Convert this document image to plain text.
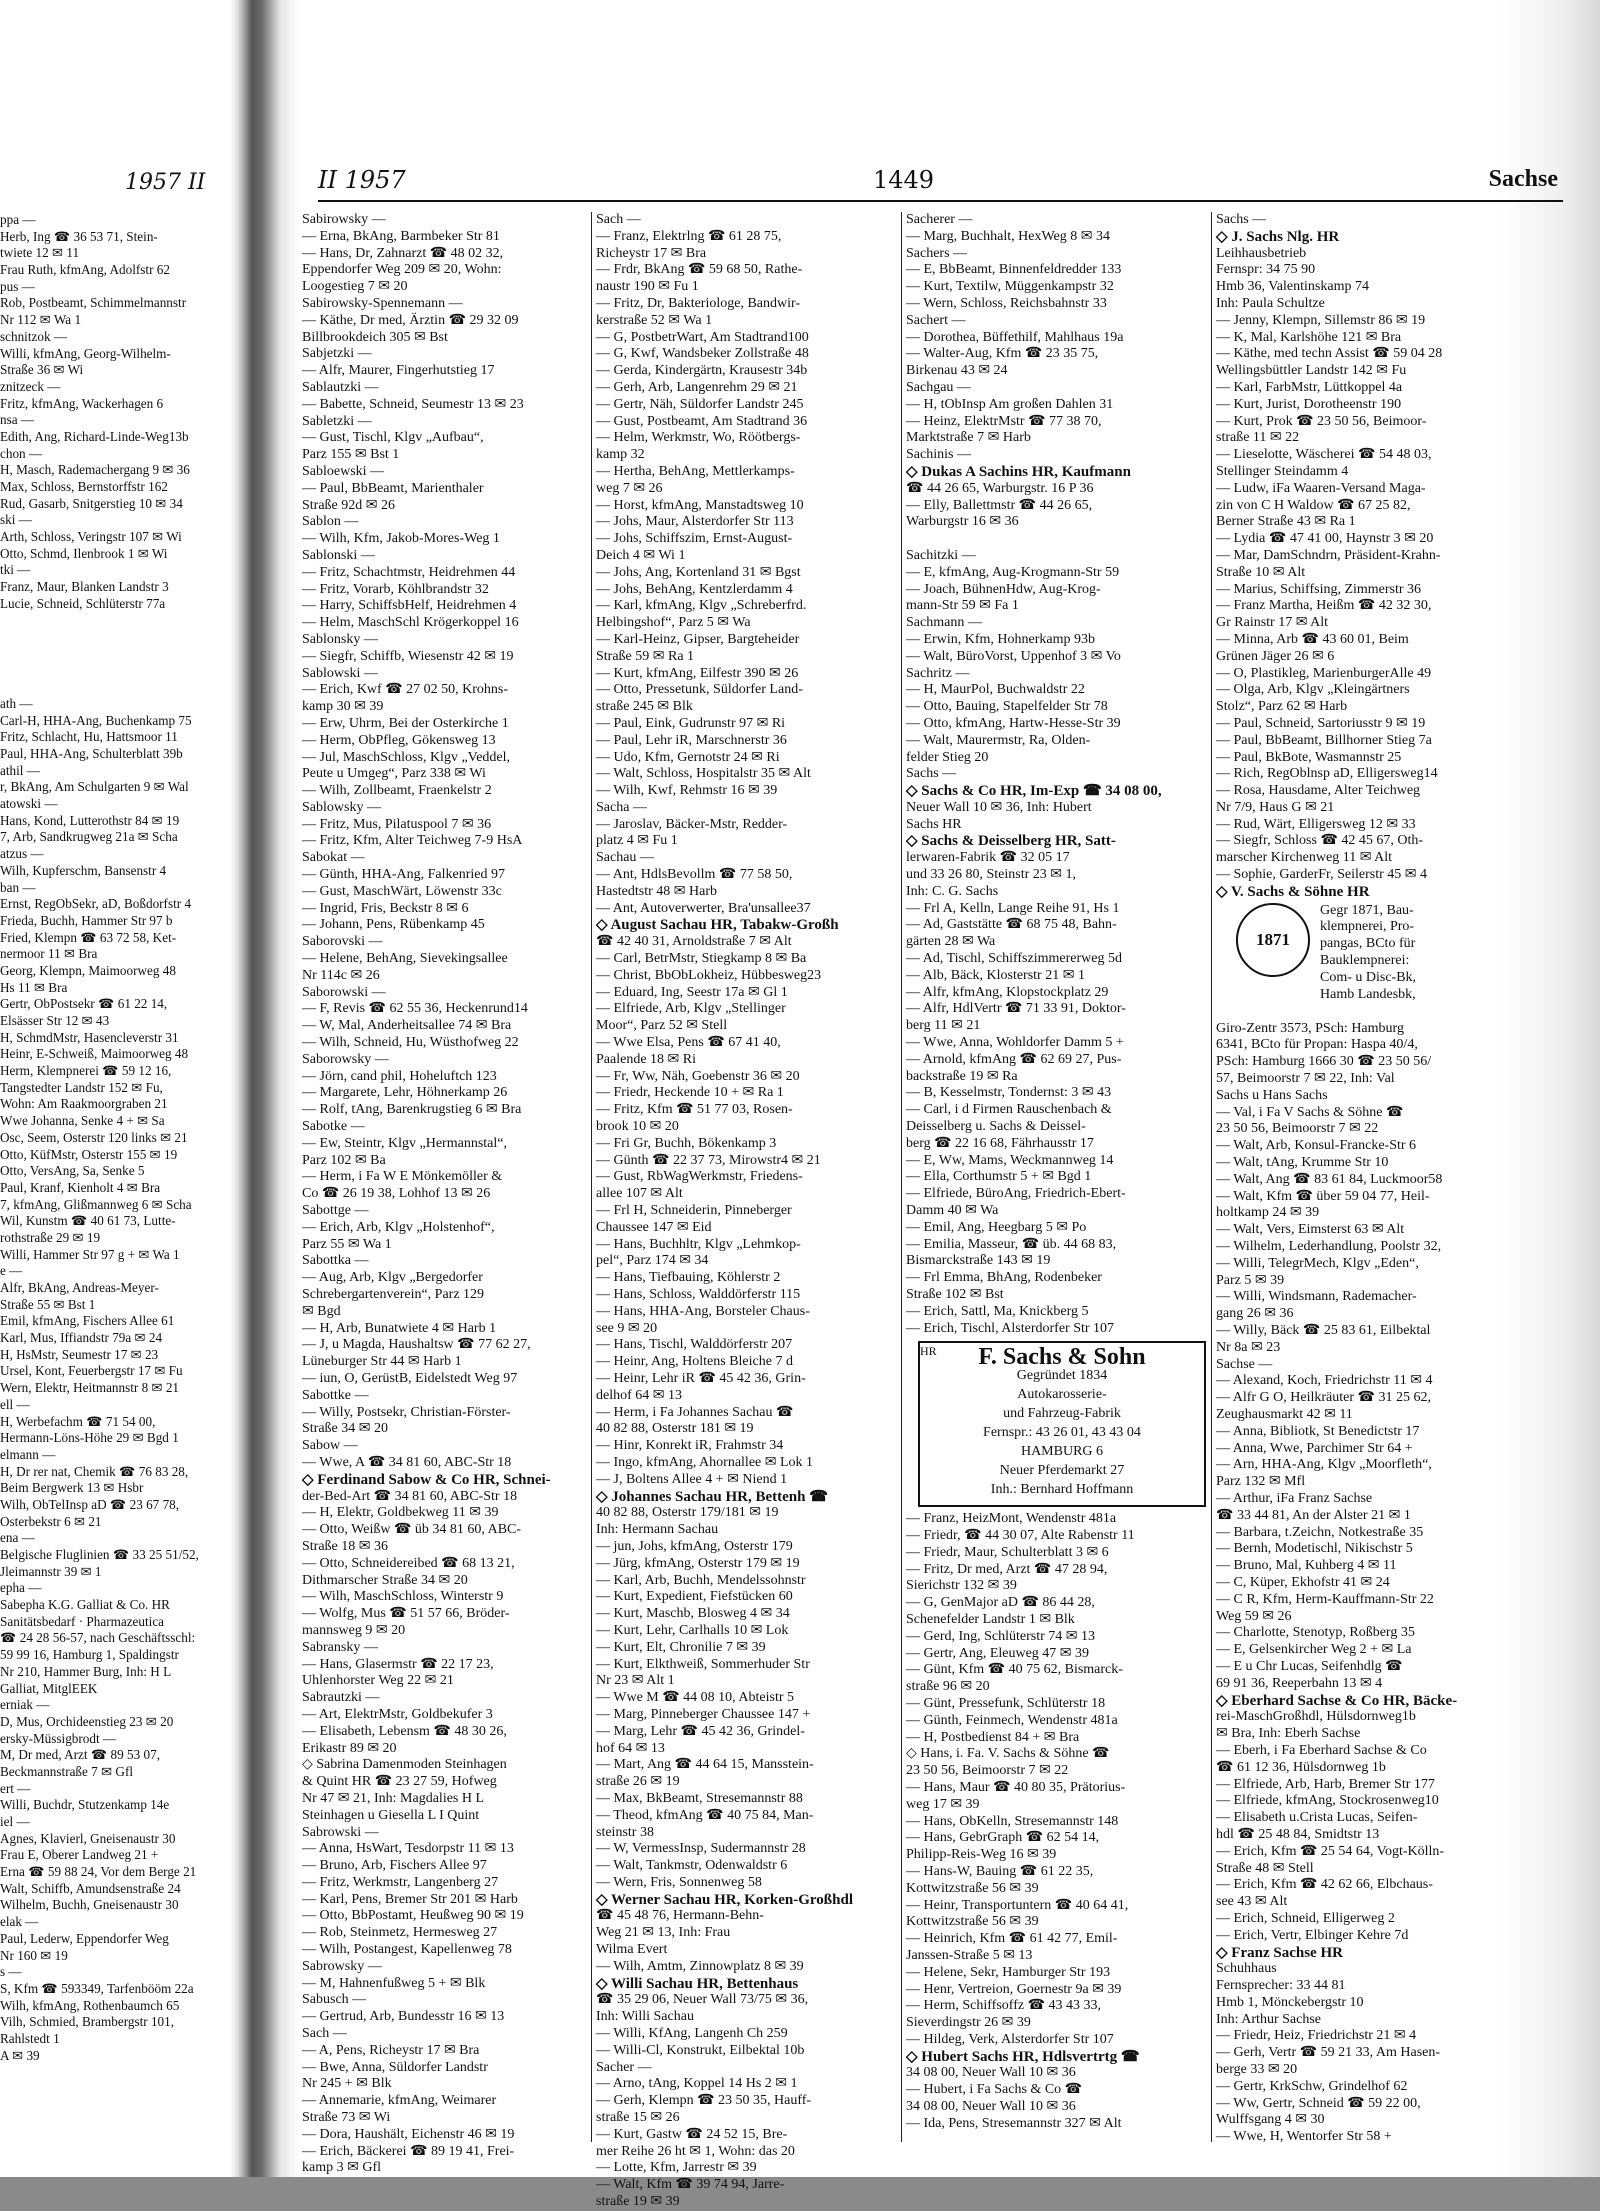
1957 II
ppa —
Herb, Ing ☎ 36 53 71, Stein-
twiete 12 ✉ 11
Frau Ruth, kfmAng, Adolfstr 62
pus —
Rob, Postbeamt, Schimmelmannstr
Nr 112 ✉ Wa 1
schnitzok —
Willi, kfmAng, Georg-Wilhelm-
Straße 36 ✉ Wi
znitzeck —
Fritz, kfmAng, Wackerhagen 6
nsa —
Edith, Ang, Richard-Linde-Weg13b
chon —
H, Masch, Rademachergang 9 ✉ 36
Max, Schloss, Bernstorffstr 162
Rud, Gasarb, Snitgerstieg 10 ✉ 34
ski —
Arth, Schloss, Veringstr 107 ✉ Wi
Otto, Schmd, Ilenbrook 1 ✉ Wi
tki —
Franz, Maur, Blanken Landstr 3
Lucie, Schneid, Schlüterstr 77a
ath —
Carl-H, HHA-Ang, Buchenkamp 75
Fritz, Schlacht, Hu, Hattsmoor 11
Paul, HHA-Ang, Schulterblatt 39b
athil —
r, BkAng, Am Schulgarten 9 ✉ Wal
atowski —
Hans, Kond, Lutterothstr 84 ✉ 19
7, Arb, Sandkrugweg 21a ✉ Scha
atzus —
Wilh, Kupferschm, Bansenstr 4
ban —
Ernst, RegObSekr, aD, Boßdorfstr 4
Frieda, Buchh, Hammer Str 97 b
Fried, Klempn ☎ 63 72 58, Ket-
nermoor 11 ✉ Bra
Georg, Klempn, Maimoorweg 48
Hs 11 ✉ Bra
Gertr, ObPostsekr ☎ 61 22 14,
Elsässer Str 12 ✉ 43
H, SchmdMstr, Hasencleverstr 31
Heinr, E-Schweiß, Maimoorweg 48
Herm, Klempnerei ☎ 59 12 16,
Tangstedter Landstr 152 ✉ Fu,
Wohn: Am Raakmoorgraben 21
Wwe Johanna, Senke 4 + ✉ Sa
Osc, Seem, Osterstr 120 links ✉ 21
Otto, KüfMstr, Osterstr 155 ✉ 19
Otto, VersAng, Sa, Senke 5
Paul, Kranf, Kienholt 4 ✉ Bra
7, kfmAng, Glißmannweg 6 ✉ Scha
Wil, Kunstm ☎ 40 61 73, Lutte-
rothstraße 29 ✉ 19
Willi, Hammer Str 97 g + ✉ Wa 1
e —
Alfr, BkAng, Andreas-Meyer-
Straße 55 ✉ Bst 1
Emil, kfmAng, Fischers Allee 61
Karl, Mus, Iffiandstr 79a ✉ 24
H, HsMstr, Seumestr 17 ✉ 23
Ursel, Kont, Feuerbergstr 17 ✉ Fu
Wern, Elektr, Heitmannstr 8 ✉ 21
ell —
H, Werbefachm ☎ 71 54 00,
Hermann-Löns-Höhe 29 ✉ Bgd 1
elmann —
H, Dr rer nat, Chemik ☎ 76 83 28,
Beim Bergwerk 13 ✉ Hsbr
Wilh, ObTelInsp aD ☎ 23 67 78,
Osterbekstr 6 ✉ 21
ena —
Belgische Fluglinien ☎ 33 25 51/52,
Jleimannstr 39 ✉ 1
epha —
Sabepha K.G. Galliat & Co. HR
Sanitätsbedarf · Pharmazeutica
☎ 24 28 56-57, nach Geschäftsschl:
59 99 16, Hamburg 1, Spaldingstr
Nr 210, Hammer Burg, Inh: H L
Galliat, MitglEEK
erniak —
D, Mus, Orchideenstieg 23 ✉ 20
ersky-Müssigbrodt —
M, Dr med, Arzt ☎ 89 53 07,
Beckmannstraße 7 ✉ Gfl
ert —
Willi, Buchdr, Stutzenkamp 14e
iel —
Agnes, Klavierl, Gneisenaustr 30
Frau E, Oberer Landweg 21 +
Erna ☎ 59 88 24, Vor dem Berge 21
Walt, Schiffb, Amundsenstraße 24
Wilhelm, Buchh, Gneisenaustr 30
elak —
Paul, Lederw, Eppendorfer Weg
Nr 160 ✉ 19
s —
S, Kfm ☎ 593349, Tarfenbööm 22a
Wilh, kfmAng, Rothenbaumch 65
Vilh, Schmied, Brambergstr 101,
Rahlstedt 1
A ✉ 39
II 1957	1449	Sachse
Sabirowsky —
— Erna, BkAng, Barmbeker Str 81
— Hans, Dr, Zahnarzt ☎ 48 02 32,
Eppendorfer Weg 209 ✉ 20, Wohn:
Loogestieg 7 ✉ 20
Sabirowsky-Spennemann —
— Käthe, Dr med, Ärztin ☎ 29 32 09
Billbrookdeich 305 ✉ Bst
Sabjetzki —
— Alfr, Maurer, Fingerhutstieg 17
Sablautzki —
— Babette, Schneid, Seumestr 13 ✉ 23
Sabletzki —
— Gust, Tischl, Klgv „Aufbau“,
Parz 155 ✉ Bst 1
Sabloewski —
— Paul, BbBeamt, Marienthaler
Straße 92d ✉ 26
Sablon —
— Wilh, Kfm, Jakob-Mores-Weg 1
Sablonski —
— Fritz, Schachtmstr, Heidrehmen 44
— Fritz, Vorarb, Köhlbrandstr 32
— Harry, SchiffsbHelf, Heidrehmen 4
— Helm, MaschSchl Krögerkoppel 16
Sablonsky —
— Siegfr, Schiffb, Wiesenstr 42 ✉ 19
Sablowski —
— Erich, Kwf ☎ 27 02 50, Krohns-
kamp 30 ✉ 39
— Erw, Uhrm, Bei der Osterkirche 1
— Herm, ObPfleg, Gökensweg 13
— Jul, MaschSchloss, Klgv „Veddel,
Peute u Umgeg“, Parz 338 ✉ Wi
— Wilh, Zollbeamt, Fraenkelstr 2
Sablowsky —
— Fritz, Mus, Pilatuspool 7 ✉ 36
— Fritz, Kfm, Alter Teichweg 7-9 HsA
Sabokat —
— Günth, HHA-Ang, Falkenried 97
— Gust, MaschWärt, Löwenstr 33c
— Ingrid, Fris, Beckstr 8 ✉ 6
— Johann, Pens, Rübenkamp 45
Saborovski —
— Helene, BehAng, Sievekingsallee
Nr 114c ✉ 26
Saborowski —
— F, Revis ☎ 62 55 36, Heckenrund14
— W, Mal, Anderheitsallee 74 ✉ Bra
— Wilh, Schneid, Hu, Wüsthofweg 22
Saborowsky —
— Jörn, cand phil, Hoheluftch 123
— Margarete, Lehr, Höhnerkamp 26
— Rolf, tAng, Barenkrugstieg 6 ✉ Bra
Sabotke —
— Ew, Steintr, Klgv „Hermannstal“,
Parz 102 ✉ Ba
— Herm, i Fa W E Mönkemöller &
Co ☎ 26 19 38, Lohhof 13 ✉ 26
Sabottge —
— Erich, Arb, Klgv „Holstenhof“,
Parz 55 ✉ Wa 1
Sabottka —
— Aug, Arb, Klgv „Bergedorfer
Schrebergartenverein“, Parz 129
✉ Bgd
— H, Arb, Bunatwiete 4 ✉ Harb 1
— J, u Magda, Haushaltsw ☎ 77 62 27,
Lüneburger Str 44 ✉ Harb 1
— iun, O, GerüstB, Eidelstedt Weg 97
Sabottke —
— Willy, Postsekr, Christian-Förster-
Straße 34 ✉ 20
Sabow —
— Wwe, A ☎ 34 81 60, ABC-Str 18
◇ Ferdinand Sabow & Co HR, Schnei-
der-Bed-Art ☎ 34 81 60, ABC-Str 18
— H, Elektr, Goldbekweg 11 ✉ 39
— Otto, Weißw ☎ üb 34 81 60, ABC-
Straße 18 ✉ 36
— Otto, Schneidereibed ☎ 68 13 21,
Dithmarscher Straße 34 ✉ 20
— Wilh, MaschSchloss, Winterstr 9
— Wolfg, Mus ☎ 51 57 66, Bröder-
mannsweg 9 ✉ 20
Sabransky —
— Hans, Glasermstr ☎ 22 17 23,
Uhlenhorster Weg 22 ✉ 21
Sabrautzki —
— Art, ElektrMstr, Goldbekufer 3
— Elisabeth, Lebensm ☎ 48 30 26,
Erikastr 89 ✉ 20
◇ Sabrina Damenmoden Steinhagen
& Quint HR ☎ 23 27 59, Hofweg
Nr 47 ✉ 21, Inh: Magdalies H L
Steinhagen u Giesella L I Quint
Sabrowski —
— Anna, HsWart, Tesdorpstr 11 ✉ 13
— Bruno, Arb, Fischers Allee 97
— Fritz, Werkmstr, Langenberg 27
— Karl, Pens, Bremer Str 201 ✉ Harb
— Otto, BbPostamt, Heußweg 90 ✉ 19
— Rob, Steinmetz, Hermesweg 27
— Wilh, Postangest, Kapellenweg 78
Sabrowsky —
— M, Hahnenfußweg 5 + ✉ Blk
Sabusch —
— Gertrud, Arb, Bundesstr 16 ✉ 13
Sach —
— A, Pens, Richeystr 17 ✉ Bra
— Bwe, Anna, Süldorfer Landstr
Nr 245 + ✉ Blk
— Annemarie, kfmAng, Weimarer
Straße 73 ✉ Wi
— Dora, Haushält, Eichenstr 46 ✉ 19
— Erich, Bäckerei ☎ 89 19 41, Frei-
kamp 3 ✉ Gfl
Sach —
— Franz, Elektrlng ☎ 61 28 75,
Richeystr 17 ✉ Bra
— Frdr, BkAng ☎ 59 68 50, Rathe-
naustr 190 ✉ Fu 1
— Fritz, Dr, Bakteriologe, Bandwir-
kerstraße 52 ✉ Wa 1
— G, PostbetrWart, Am Stadtrand100
— G, Kwf, Wandsbeker Zollstraße 48
— Gerda, Kindergärtn, Krausestr 34b
— Gerh, Arb, Langenrehm 29 ✉ 21
— Gertr, Näh, Süldorfer Landstr 245
— Gust, Postbeamt, Am Stadtrand 36
— Helm, Werkmstr, Wo, Röötbergs-
kamp 32
— Hertha, BehAng, Mettlerkamps-
weg 7 ✉ 26
— Horst, kfmAng, Manstadtsweg 10
— Johs, Maur, Alsterdorfer Str 113
— Johs, Schiffszim, Ernst-August-
Deich 4 ✉ Wi 1
— Johs, Ang, Kortenland 31 ✉ Bgst
— Johs, BehAng, Kentzlerdamm 4
— Karl, kfmAng, Klgv „Schreberfrd.
Helbingshof“, Parz 5 ✉ Wa
— Karl-Heinz, Gipser, Bargteheider
Straße 59 ✉ Ra 1
— Kurt, kfmAng, Eilfestr 390 ✉ 26
— Otto, Pressetunk, Süldorfer Land-
straße 245 ✉ Blk
— Paul, Eink, Gudrunstr 97 ✉ Ri
— Paul, Lehr iR, Marschnerstr 36
— Udo, Kfm, Gernotstr 24 ✉ Ri
— Walt, Schloss, Hospitalstr 35 ✉ Alt
— Wilh, Kwf, Rehmstr 16 ✉ 39
Sacha —
— Jaroslav, Bäcker-Mstr, Redder-
platz 4 ✉ Fu 1
Sachau —
— Ant, HdlsBevollm ☎ 77 58 50,
Hastedtstr 48 ✉ Harb
— Ant, Autoverwerter, Bra'unsallee37
◇ August Sachau HR, Tabakw-Großh
☎ 42 40 31, Arnoldstraße 7 ✉ Alt
— Carl, BetrMstr, Stiegkamp 8 ✉ Ba
— Christ, BbObLokheiz, Hübbesweg23
— Eduard, Ing, Seestr 17a ✉ Gl 1
— Elfriede, Arb, Klgv „Stellinger
Moor“, Parz 52 ✉ Stell
— Wwe Elsa, Pens ☎ 67 41 40,
Paalende 18 ✉ Ri
— Fr, Ww, Näh, Goebenstr 36 ✉ 20
— Friedr, Heckende 10 + ✉ Ra 1
— Fritz, Kfm ☎ 51 77 03, Rosen-
brook 10 ✉ 20
— Fri Gr, Buchh, Bökenkamp 3
— Günth ☎ 22 37 73, Mirowstr4 ✉ 21
— Gust, RbWagWerkmstr, Friedens-
allee 107 ✉ Alt
— Frl H, Schneiderin, Pinneberger
Chaussee 147 ✉ Eid
— Hans, Buchhltr, Klgv „Lehmkop-
pel“, Parz 174 ✉ 34
— Hans, Tiefbauing, Köhlerstr 2
— Hans, Schloss, Walddörferstr 115
— Hans, HHA-Ang, Borsteler Chaus-
see 9 ✉ 20
— Hans, Tischl, Walddörferstr 207
— Heinr, Ang, Holtens Bleiche 7 d
— Heinr, Lehr iR ☎ 45 42 36, Grin-
delhof 64 ✉ 13
— Herm, i Fa Johannes Sachau ☎
40 82 88, Osterstr 181 ✉ 19
— Hinr, Konrekt iR, Frahmstr 34
— Ingo, kfmAng, Ahornallee ✉ Lok 1
— J, Boltens Allee 4 + ✉ Niend 1
◇ Johannes Sachau HR, Bettenh ☎
40 82 88, Osterstr 179/181 ✉ 19
Inh: Hermann Sachau
— jun, Johs, kfmAng, Osterstr 179
— Jürg, kfmAng, Osterstr 179 ✉ 19
— Karl, Arb, Buchh, Mendelssohnstr
— Kurt, Expedient, Fiefstücken 60
— Kurt, Maschb, Blosweg 4 ✉ 34
— Kurt, Lehr, Carlhalls 10 ✉ Lok
— Kurt, Elt, Chronilie 7 ✉ 39
— Kurt, Elkthweiß, Sommerhuder Str
Nr 23 ✉ Alt 1
— Wwe M ☎ 44 08 10, Abteistr 5
— Marg, Pinneberger Chaussee 147 +
— Marg, Lehr ☎ 45 42 36, Grindel-
hof 64 ✉ 13
— Mart, Ang ☎ 44 64 15, Mansstein-
straße 26 ✉ 19
— Max, BkBeamt, Stresemannstr 88
— Theod, kfmAng ☎ 40 75 84, Man-
steinstr 38
— W, VermessInsp, Sudermannstr 28
— Walt, Tankmstr, Odenwaldstr 6
— Wern, Fris, Sonnenweg 58
◇ Werner Sachau HR, Korken-Großhdl
☎ 45 48 76, Hermann-Behn-
Weg 21 ✉ 13, Inh: Frau
Wilma Evert
— Wilh, Amtm, Zinnowplatz 8 ✉ 39
◇ Willi Sachau HR, Bettenhaus
☎ 35 29 06, Neuer Wall 73/75 ✉ 36,
Inh: Willi Sachau
— Willi, KfAng, Langenh Ch 259
— Willi-Cl, Konstrukt, Eilbektal 10b
Sacher —
— Arno, tAng, Koppel 14 Hs 2 ✉ 1
— Gerh, Klempn ☎ 23 50 35, Hauff-
straße 15 ✉ 26
— Kurt, Gastw ☎ 24 52 15, Bre-
mer Reihe 26 ht ✉ 1, Wohn: das 20
— Lotte, Kfm, Jarrestr ✉ 39
— Walt, Kfm ☎ 39 74 94, Jarre-
straße 19 ✉ 39
Sacherer —
— Marg, Buchhalt, HexWeg 8 ✉ 34
Sachers —
— E, BbBeamt, Binnenfeldredder 133
— Kurt, Textilw, Müggenkampstr 32
— Wern, Schloss, Reichsbahnstr 33
Sachert —
— Dorothea, Büffethilf, Mahlhaus 19a
— Walter-Aug, Kfm ☎ 23 35 75,
Birkenau 43 ✉ 24
Sachgau —
— H, tObInsp Am großen Dahlen 31
— Heinz, ElektrMstr ☎ 77 38 70,
Marktstraße 7 ✉ Harb
Sachinis —
◇ Dukas A Sachins HR, Kaufmann
☎ 44 26 65, Warburgstr. 16 P 36
— Elly, Ballettmstr ☎ 44 26 65,
Warburgstr 16 ✉ 36
Sachitzki —
— E, kfmAng, Aug-Krogmann-Str 59
— Joach, BühnenHdw, Aug-Krog-
mann-Str 59 ✉ Fa 1
Sachmann —
— Erwin, Kfm, Hohnerkamp 93b
— Walt, BüroVorst, Uppenhof 3 ✉ Vo
Sachritz —
— H, MaurPol, Buchwaldstr 22
— Otto, Bauing, Stapelfelder Str 78
— Otto, kfmAng, Hartw-Hesse-Str 39
— Walt, Maurermstr, Ra, Olden-
felder Stieg 20
Sachs —
◇ Sachs & Co HR, Im-Exp ☎ 34 08 00,
Neuer Wall 10 ✉ 36, Inh: Hubert
Sachs HR
◇ Sachs & Deisselberg HR, Satt-
lerwaren-Fabrik ☎ 32 05 17
und 33 26 80, Steinstr 23 ✉ 1,
Inh: C. G. Sachs
— Frl A, Kelln, Lange Reihe 91, Hs 1
— Ad, Gaststätte ☎ 68 75 48, Bahn-
gärten 28 ✉ Wa
— Ad, Tischl, Schiffszimmererweg 5d
— Alb, Bäck, Klosterstr 21 ✉ 1
— Alfr, kfmAng, Klopstockplatz 29
— Alfr, HdlVertr ☎ 71 33 91, Doktor-
berg 11 ✉ 21
— Wwe, Anna, Wohldorfer Damm 5 +
— Arnold, kfmAng ☎ 62 69 27, Pus-
backstraße 19 ✉ Ra
— B, Kesselmstr, Tondernst: 3 ✉ 43
— Carl, i d Firmen Rauschenbach &
Deisselberg u. Sachs & Deissel-
berg ☎ 22 16 68, Fährhausstr 17
— E, Ww, Mams, Weckmannweg 14
— Ella, Corthumstr 5 + ✉ Bgd 1
— Elfriede, BüroAng, Friedrich-Ebert-
Damm 40 ✉ Wa
— Emil, Ang, Heegbarg 5 ✉ Po
— Emilia, Masseur, ☎ üb. 44 68 83,
Bismarckstraße 143 ✉ 19
— Frl Emma, BhAng, Rodenbeker
Straße 102 ✉ Bst
— Erich, Sattl, Ma, Knickberg 5
— Erich, Tischl, Alsterdorfer Str 107
HR	F. Sachs & Sohn
Gegründet 1834
Autokarosserie-
und Fahrzeug-Fabrik
Fernspr.: 43 26 01, 43 43 04
HAMBURG 6
Neuer Pferdemarkt 27
Inh.: Bernhard Hoffmann
— Franz, HeizMont, Wendenstr 481a
— Friedr, ☎ 44 30 07, Alte Rabenstr 11
— Friedr, Maur, Schulterblatt 3 ✉ 6
— Fritz, Dr med, Arzt ☎ 47 28 94,
Sierichstr 132 ✉ 39
— G, GenMajor aD ☎ 86 44 28,
Schenefelder Landstr 1 ✉ Blk
— Gerd, Ing, Schlüterstr 74 ✉ 13
— Gertr, Ang, Eleuweg 47 ✉ 39
— Günt, Kfm ☎ 40 75 62, Bismarck-
straße 96 ✉ 20
— Günt, Pressefunk, Schlüterstr 18
— Günth, Feinmech, Wendenstr 481a
— H, Postbedienst 84 + ✉ Bra
◇ Hans, i. Fa. V. Sachs & Söhne ☎
23 50 56, Beimoorstr 7 ✉ 22
— Hans, Maur ☎ 40 80 35, Prätorius-
weg 17 ✉ 39
— Hans, ObKelln, Stresemannstr 148
— Hans, GebrGraph ☎ 62 54 14,
Philipp-Reis-Weg 16 ✉ 39
— Hans-W, Bauing ☎ 61 22 35,
Kottwitzstraße 56 ✉ 39
— Heinr, Transportuntern ☎ 40 64 41,
Kottwitzstraße 56 ✉ 39
— Heinrich, Kfm ☎ 61 42 77, Emil-
Janssen-Straße 5 ✉ 13
— Helene, Sekr, Hamburger Str 193
— Henr, Vertreion, Goernestr 9a ✉ 39
— Herm, Schiffsoffz ☎ 43 43 33,
Sieverdingstr 26 ✉ 39
— Hildeg, Verk, Alsterdorfer Str 107
◇ Hubert Sachs HR, Hdlsvertrtg ☎
34 08 00, Neuer Wall 10 ✉ 36
— Hubert, i Fa Sachs & Co ☎
34 08 00, Neuer Wall 10 ✉ 36
— Ida, Pens, Stresemannstr 327 ✉ Alt
Sachs —
◇ J. Sachs Nlg. HR
Leihhausbetrieb
Fernspr: 34 75 90
Hmb 36, Valentinskamp 74
Inh: Paula Schultze
— Jenny, Klempn, Sillemstr 86 ✉ 19
— K, Mal, Karlshöhe 121 ✉ Bra
— Käthe, med techn Assist ☎ 59 04 28
Wellingsbüttler Landstr 142 ✉ Fu
— Karl, FarbMstr, Lüttkoppel 4a
— Kurt, Jurist, Dorotheenstr 190
— Kurt, Prok ☎ 23 50 56, Beimoor-
straße 11 ✉ 22
— Lieselotte, Wäscherei ☎ 54 48 03,
Stellinger Steindamm 4
— Ludw, iFa Waaren-Versand Maga-
zin von C H Waldow ☎ 67 25 82,
Berner Straße 43 ✉ Ra 1
— Lydia ☎ 47 41 00, Haynstr 3 ✉ 20
— Mar, DamSchndrn, Präsident-Krahn-
Straße 10 ✉ Alt
— Marius, Schiffsing, Zimmerstr 36
— Franz Martha, Heißm ☎ 42 32 30,
Gr Rainstr 17 ✉ Alt
— Minna, Arb ☎ 43 60 01, Beim
Grünen Jäger 26 ✉ 6
— O, Plastikleg, MarienburgerAlle 49
— Olga, Arb, Klgv „Kleingärtners
Stolz“, Parz 62 ✉ Harb
— Paul, Schneid, Sartoriusstr 9 ✉ 19
— Paul, BbBeamt, Billhorner Stieg 7a
— Paul, BkBote, Wasmannstr 25
— Rich, RegOblnsp aD, Elligersweg14
— Rosa, Hausdame, Alter Teichweg
Nr 7/9, Haus G ✉ 21
— Rud, Wärt, Elligersweg 12 ✉ 33
— Siegfr, Schloss ☎ 42 45 67, Oth-
marscher Kirchenweg 11 ✉ Alt
— Sophie, GarderFr, Seilerstr 45 ✉ 4
◇ V. Sachs & Söhne HR
1871
Gegr 1871, Bau-
klempnerei, Pro-
pangas, BCto für
Bauklempnerei:
Com- u Disc-Bk,
Hamb Landesbk,
Giro-Zentr 3573, PSch: Hamburg
6341, BCto für Propan: Haspa 40/4,
PSch: Hamburg 1666 30 ☎ 23 50 56/
57, Beimoorstr 7 ✉ 22, Inh: Val
Sachs u Hans Sachs
— Val, i Fa V Sachs & Söhne ☎
23 50 56, Beimoorstr 7 ✉ 22
— Walt, Arb, Konsul-Francke-Str 6
— Walt, tAng, Krumme Str 10
— Walt, Ang ☎ 83 61 84, Luckmoor58
— Walt, Kfm ☎ über 59 04 77, Heil-
holtkamp 24 ✉ 39
— Walt, Vers, Eimsterst 63 ✉ Alt
— Wilhelm, Lederhandlung, Poolstr 32,
— Willi, TelegrMech, Klgv „Eden“,
Parz 5 ✉ 39
— Willi, Windsmann, Rademacher-
gang 26 ✉ 36
— Willy, Bäck ☎ 25 83 61, Eilbektal
Nr 8a ✉ 23
Sachse —
— Alexand, Koch, Friedrichstr 11 ✉ 4
— Alfr G O, Heilkräuter ☎ 31 25 62,
Zeughausmarkt 42 ✉ 11
— Anna, Bibliotk, St Benedictstr 17
— Anna, Wwe, Parchimer Str 64 +
— Arn, HHA-Ang, Klgv „Moorfleth“,
Parz 132 ✉ Mfl
— Arthur, iFa Franz Sachse
☎ 33 44 81, An der Alster 21 ✉ 1
— Barbara, t.Zeichn, Notkestraße 35
— Bernh, Modetischl, Nikischstr 5
— Bruno, Mal, Kuhberg 4 ✉ 11
— C, Küper, Ekhofstr 41 ✉ 24
— C R, Kfm, Herm-Kauffmann-Str 22
Weg 59 ✉ 26
— Charlotte, Stenotyp, Roßberg 35
— E, Gelsenkircher Weg 2 + ✉ La
— E u Chr Lucas, Seifenhdlg ☎
69 91 36, Reeperbahn 13 ✉ 4
◇ Eberhard Sachse & Co HR, Bäcke-
rei-MaschGroßhdl, Hülsdornweg1b
✉ Bra, Inh: Eberh Sachse
— Eberh, i Fa Eberhard Sachse & Co
☎ 61 12 36, Hülsdornweg 1b
— Elfriede, Arb, Harb, Bremer Str 177
— Elfriede, kfmAng, Stockrosenweg10
— Elisabeth u.Crista Lucas, Seifen-
hdl ☎ 25 48 84, Smidtstr 13
— Erich, Kfm ☎ 25 54 64, Vogt-Kölln-
Straße 48 ✉ Stell
— Erich, Kfm ☎ 42 62 66, Elbchaus-
see 43 ✉ Alt
— Erich, Schneid, Elligerweg 2
— Erich, Vertr, Elbinger Kehre 7d
◇ Franz Sachse HR
Schuhhaus
Fernsprecher: 33 44 81
Hmb 1, Mönckebergstr 10
Inh: Arthur Sachse
— Friedr, Heiz, Friedrichstr 21 ✉ 4
— Gerh, Vertr ☎ 59 21 33, Am Hasen-
berge 33 ✉ 20
— Gertr, KrkSchw, Grindelhof 62
— Ww, Gertr, Schneid ☎ 59 22 00,
Wulffsgang 4 ✉ 30
— Wwe, H, Wentorfer Str 58 +
